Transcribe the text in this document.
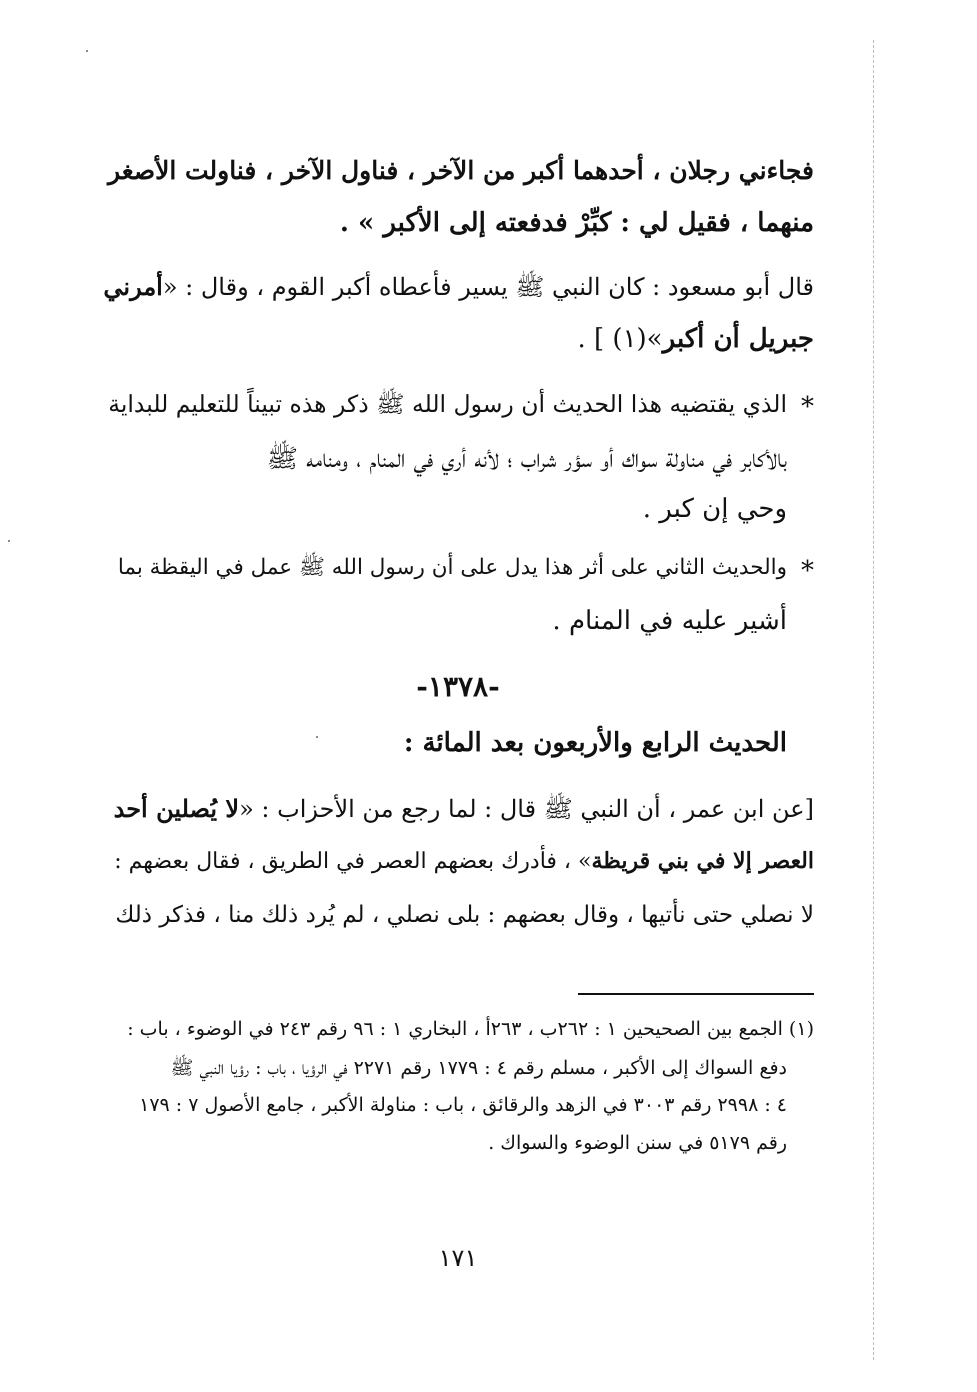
فجاءني رجلان ، أحدهما أكبر من الآخر ، فناول الآخر ، فناولت الأصغر
منهما ، فقيل لي : كبِّرْ فدفعته إلى الأكبر » .
قال أبو مسعود : كان النبي ﷺ يسير فأعطاه أكبر القوم ، وقال : «أمرني
جبريل أن أكبر»(١) ] .
*
الذي يقتضيه هذا الحديث أن رسول الله ﷺ ذكر هذه تبيناً للتعليم للبداية
بالأكابر في مناولة سواك أو سؤر شراب ؛ لأنه أري في المنام ، ومنامه ﷺ
وحي إن كبر .
*
والحديث الثاني على أثر هذا يدل على أن رسول الله ﷺ عمل في اليقظة بما
أشير عليه في المنام .
-١٣٧٨-
الحديث الرابع والأربعون بعد المائة :
[عن ابن عمر ، أن النبي ﷺ قال : لما رجع من الأحزاب : «لا يُصلين أحد
العصر إلا في بني قريظة» ، فأدرك بعضهم العصر في الطريق ، فقال بعضهم :
لا نصلي حتى نأتيها ، وقال بعضهم : بلى نصلي ، لم يُرد ذلك منا ، فذكر ذلك
(١) الجمع بين الصحيحين ١ : ٢٦٢ب ، ٢٦٣أ ، البخاري ١ : ٩٦ رقم ٢٤٣ في الوضوء ، باب :
دفع السواك إلى الأكبر ، مسلم رقم ٤ : ١٧٧٩ رقم ٢٢٧١ في الرؤيا ، باب : رؤيا النبي ﷺ
٤ : ٢٩٩٨ رقم ٣٠٠٣ في الزهد والرقائق ، باب : مناولة الأكبر ، جامع الأصول ٧ : ١٧٩
رقم ٥١٧٩ في سنن الوضوء والسواك .
١٧١
